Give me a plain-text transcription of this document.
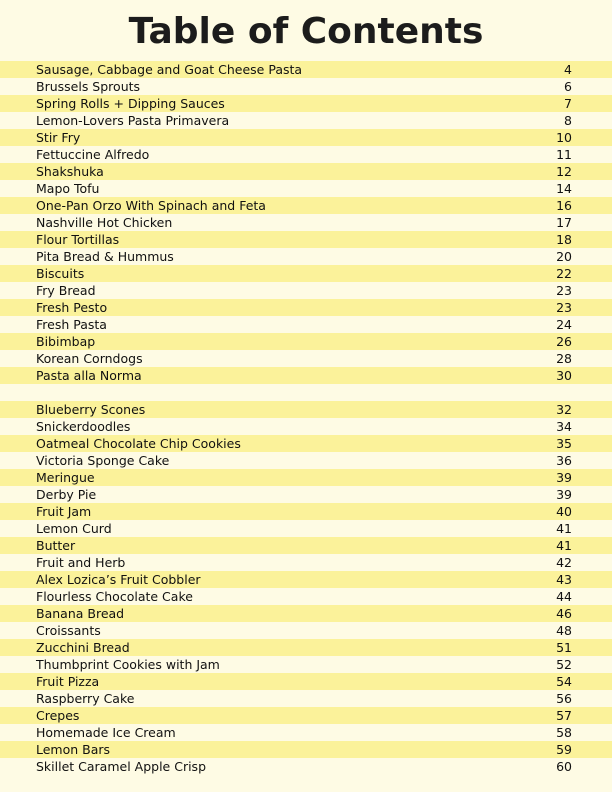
Table of Contents
Sausage, Cabbage and Goat Cheese Pasta	4
Brussels Sprouts	6
Spring Rolls + Dipping Sauces	7
Lemon-Lovers Pasta Primavera	8
Stir Fry	10
Fettuccine Alfredo	11
Shakshuka	12
Mapo Tofu	14
One-Pan Orzo With Spinach and Feta	16
Nashville Hot Chicken	17
Flour Tortillas	18
Pita Bread & Hummus	20
Biscuits	22
Fry Bread	23
Fresh Pesto	23
Fresh Pasta	24
Bibimbap	26
Korean Corndogs	28
Pasta alla Norma	30
Blueberry Scones	32
Snickerdoodles	34
Oatmeal Chocolate Chip Cookies	35
Victoria Sponge Cake	36
Meringue	39
Derby Pie	39
Fruit Jam	40
Lemon Curd	41
Butter	41
Fruit and Herb	42
Alex Lozica’s Fruit Cobbler	43
Flourless Chocolate Cake	44
Banana Bread	46
Croissants	48
Zucchini Bread	51
Thumbprint Cookies with Jam	52
Fruit Pizza	54
Raspberry Cake	56
Crepes	57
Homemade Ice Cream	58
Lemon Bars	59
Skillet Caramel Apple Crisp	60
